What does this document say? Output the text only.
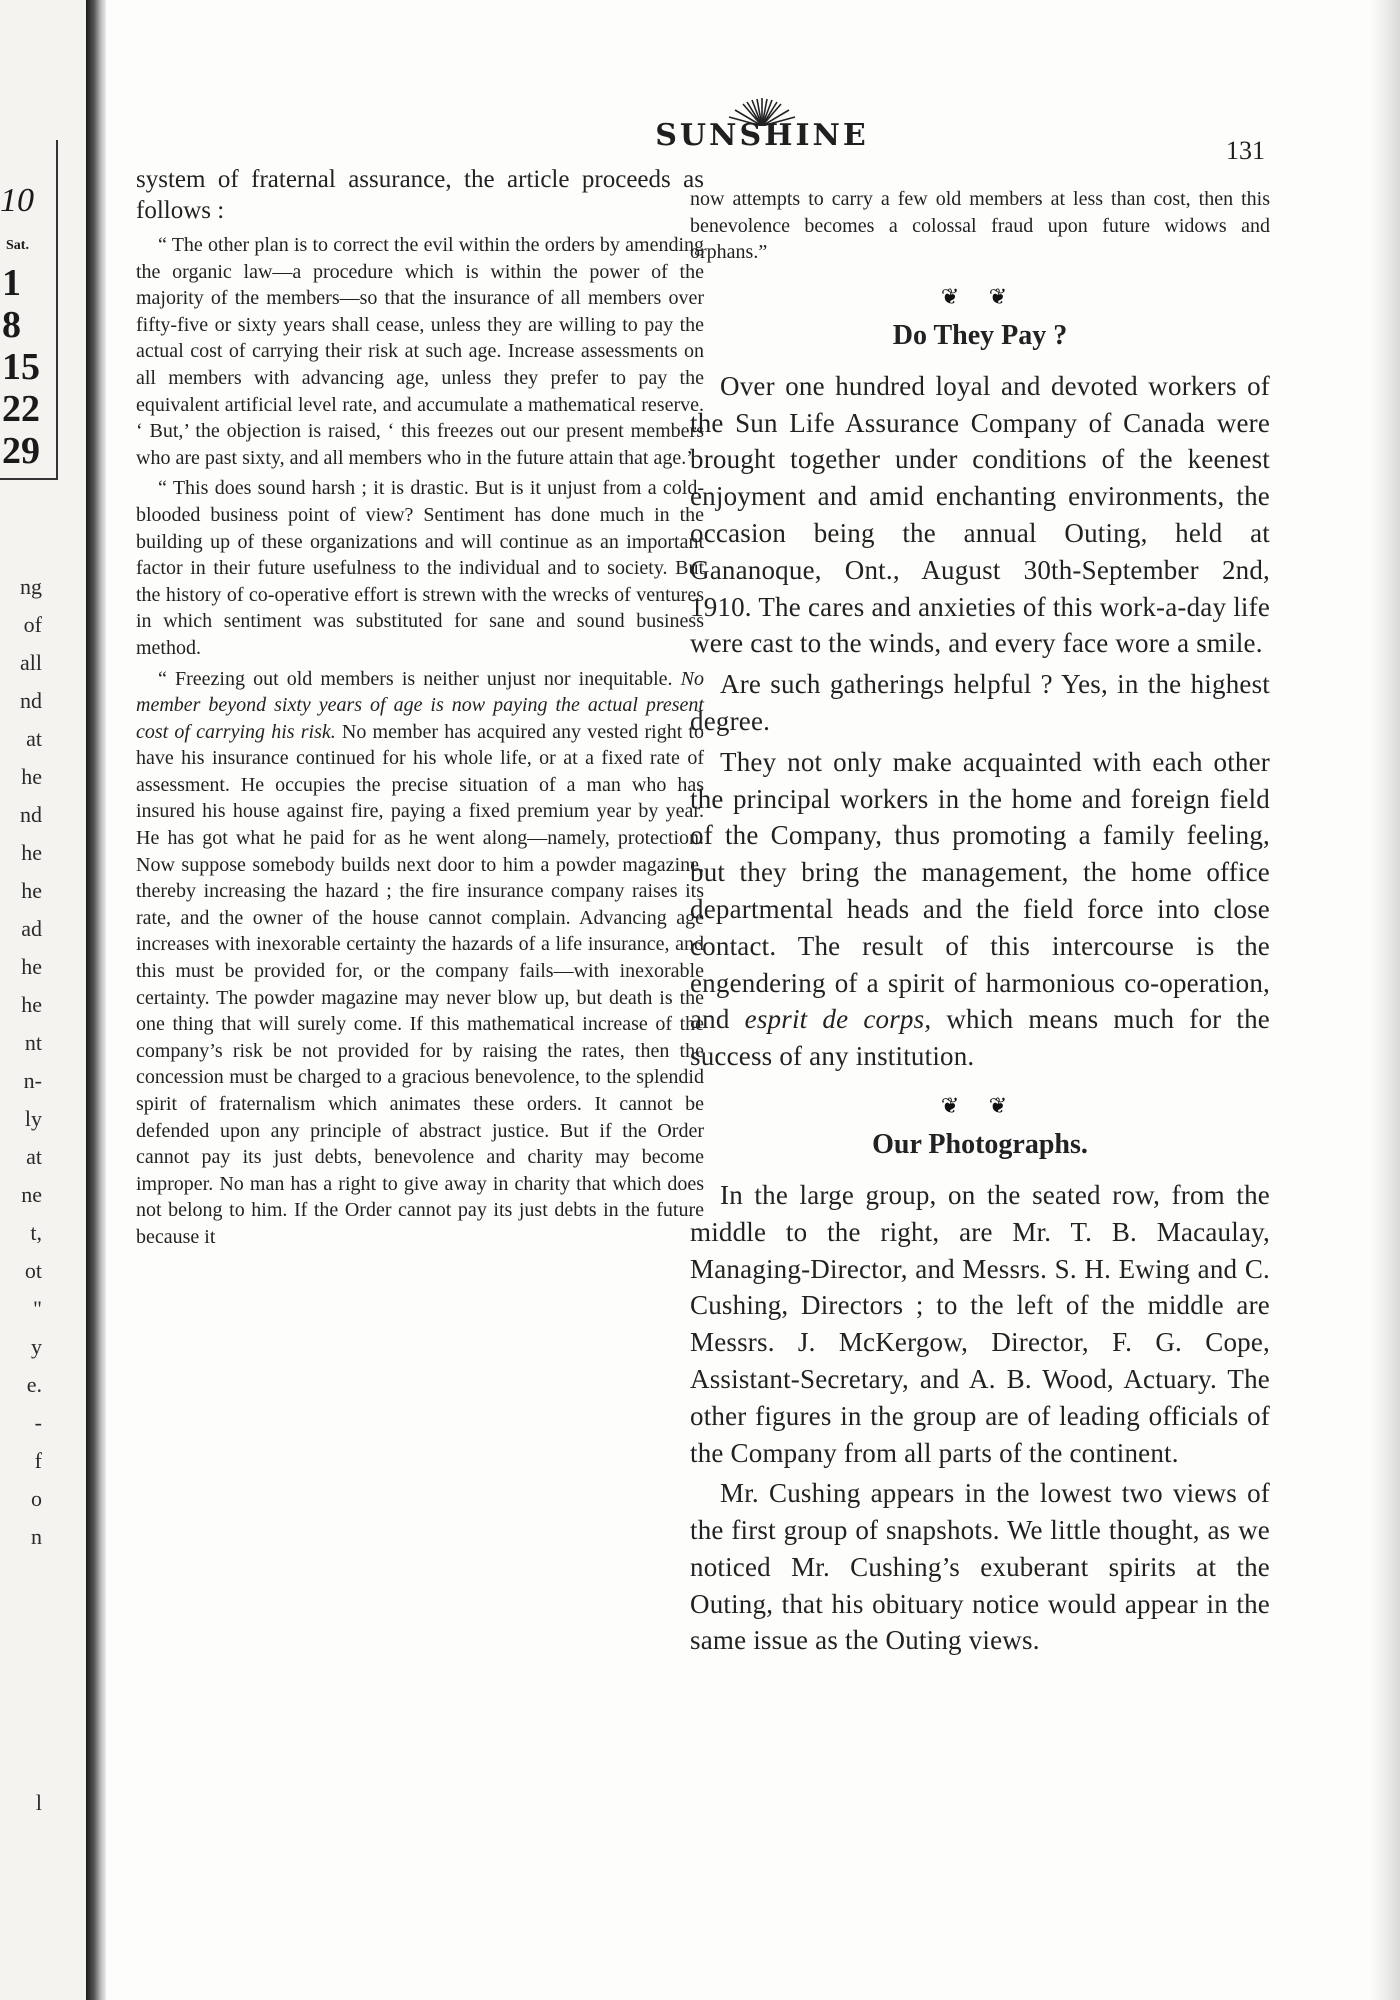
10
Sat.
1
8
15
22
29
ng
of
all
nd
at
he
nd
he
he
ad
he
he
nt
n-
ly
at
ne
t,
ot
"
y
e.
-
f
o
n
l
SUNSHINE	131

system of fraternal assurance, the article proceeds as follows :

“ The other plan is to correct the evil within the orders by amending the organic law—a procedure which is within the power of the majority of the members—so that the insurance of all members over fifty-five or sixty years shall cease, unless they are willing to pay the actual cost of carrying their risk at such age. Increase assessments on all members with advancing age, unless they prefer to pay the equivalent artificial level rate, and accumulate a mathematical reserve. ‘ But,’ the objection is raised, ‘ this freezes out our present members who are past sixty, and all members who in the future attain that age.’

“ This does sound harsh ; it is drastic. But is it unjust from a cold-blooded business point of view? Sentiment has done much in the building up of these organizations and will continue as an important factor in their future usefulness to the individual and to society. But the history of co-operative effort is strewn with the wrecks of ventures in which sentiment was substituted for sane and sound business method.

“ Freezing out old members is neither unjust nor inequitable. No member beyond sixty years of age is now paying the actual present cost of carrying his risk. No member has acquired any vested right to have his insurance continued for his whole life, or at a fixed rate of assessment. He occupies the precise situation of a man who has insured his house against fire, paying a fixed premium year by year. He has got what he paid for as he went along—namely, protection. Now suppose somebody builds next door to him a powder magazine, thereby increasing the hazard ; the fire insurance company raises its rate, and the owner of the house cannot complain. Advancing age increases with inexorable certainty the hazards of a life insurance, and this must be provided for, or the company fails—with inexorable certainty. The powder magazine may never blow up, but death is the one thing that will surely come. If this mathematical increase of the company’s risk be not provided for by raising the rates, then the concession must be charged to a gracious benevolence, to the splendid spirit of fraternalism which animates these orders. It cannot be defended upon any principle of abstract justice. But if the Order cannot pay its just debts, benevolence and charity may become improper. No man has a right to give away in charity that which does not belong to him. If the Order cannot pay its just debts in the future because it

now attempts to carry a few old members at less than cost, then this benevolence becomes a colossal fraud upon future widows and orphans.”

❦ ❦
Do They Pay ?

Over one hundred loyal and devoted workers of the Sun Life Assurance Company of Canada were brought together under conditions of the keenest enjoyment and amid enchanting environments, the occasion being the annual Outing, held at Gananoque, Ont., August 30th-September 2nd, 1910. The cares and anxieties of this work-a-day life were cast to the winds, and every face wore a smile.

Are such gatherings helpful ? Yes, in the highest degree.

They not only make acquainted with each other the principal workers in the home and foreign field of the Company, thus promoting a family feeling, but they bring the management, the home office departmental heads and the field force into close contact. The result of this intercourse is the engendering of a spirit of harmonious co-operation, and esprit de corps, which means much for the success of any institution.

❦ ❦
Our Photographs.

In the large group, on the seated row, from the middle to the right, are Mr. T. B. Macaulay, Managing-Director, and Messrs. S. H. Ewing and C. Cushing, Directors ; to the left of the middle are Messrs. J. McKergow, Director, F. G. Cope, Assistant-Secretary, and A. B. Wood, Actuary. The other figures in the group are of leading officials of the Company from all parts of the continent.

Mr. Cushing appears in the lowest two views of the first group of snapshots. We little thought, as we noticed Mr. Cushing’s exuberant spirits at the Outing, that his obituary notice would appear in the same issue as the Outing views.
